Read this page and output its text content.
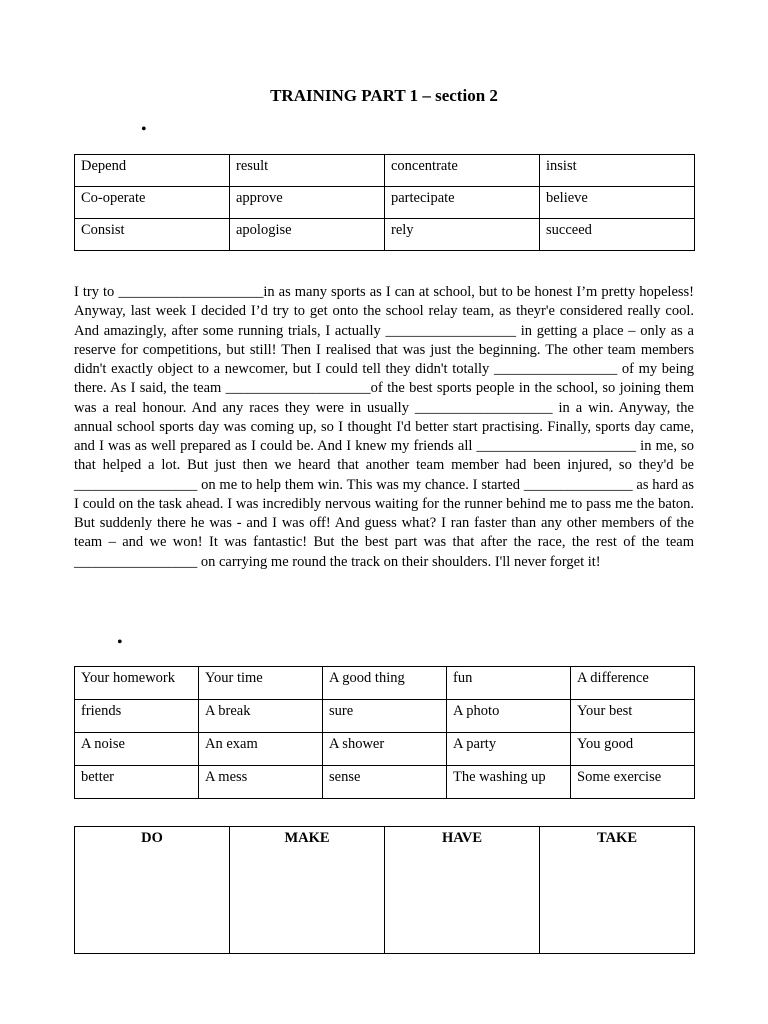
TRAINING PART 1 – section 2
•
Depend	result	concentrate	insist
Co-operate	approve	partecipate	believe
Consist	apologise	rely	succeed
I try to ____________________in as many sports as I can at school, but to be honest I’m pretty hopeless! Anyway, last week I decided I’d try to get onto the school relay team, as theyr'e considered really cool. And amazingly, after some running trials, I actually __________________ in getting a place – only as a reserve for competitions, but still! Then I realised that was just the beginning. The other team members didn't exactly object to a newcomer, but I could tell they didn't totally _________________ of my being there. As I said, the team ____________________of the best sports people in the school, so joining them was a real honour. And any races they were in usually ___________________ in a win. Anyway, the annual school sports day was coming up, so I thought I'd better start practising. Finally, sports day came, and I was as well prepared as I could be. And I knew my friends all ______________________ in me, so that helped a lot. But just then we heard that another team member had been injured, so they'd be _________________ on me to help them win. This was my chance. I started _______________ as hard as I could on the task ahead. I was incredibly nervous waiting for the runner behind me to pass me the baton. But suddenly there he was - and I was off! And guess what? I ran faster than any other members of the team – and we won! It was fantastic! But the best part was that after the race, the rest of the team _________________ on carrying me round the track on their shoulders. I'll never forget it!
•
Your homework	Your time	A good thing	fun	A difference
friends	A break	sure	A photo	Your best
A noise	An exam	A shower	A party	You good
better	A mess	sense	The washing up	Some exercise
DO	MAKE	HAVE	TAKE
